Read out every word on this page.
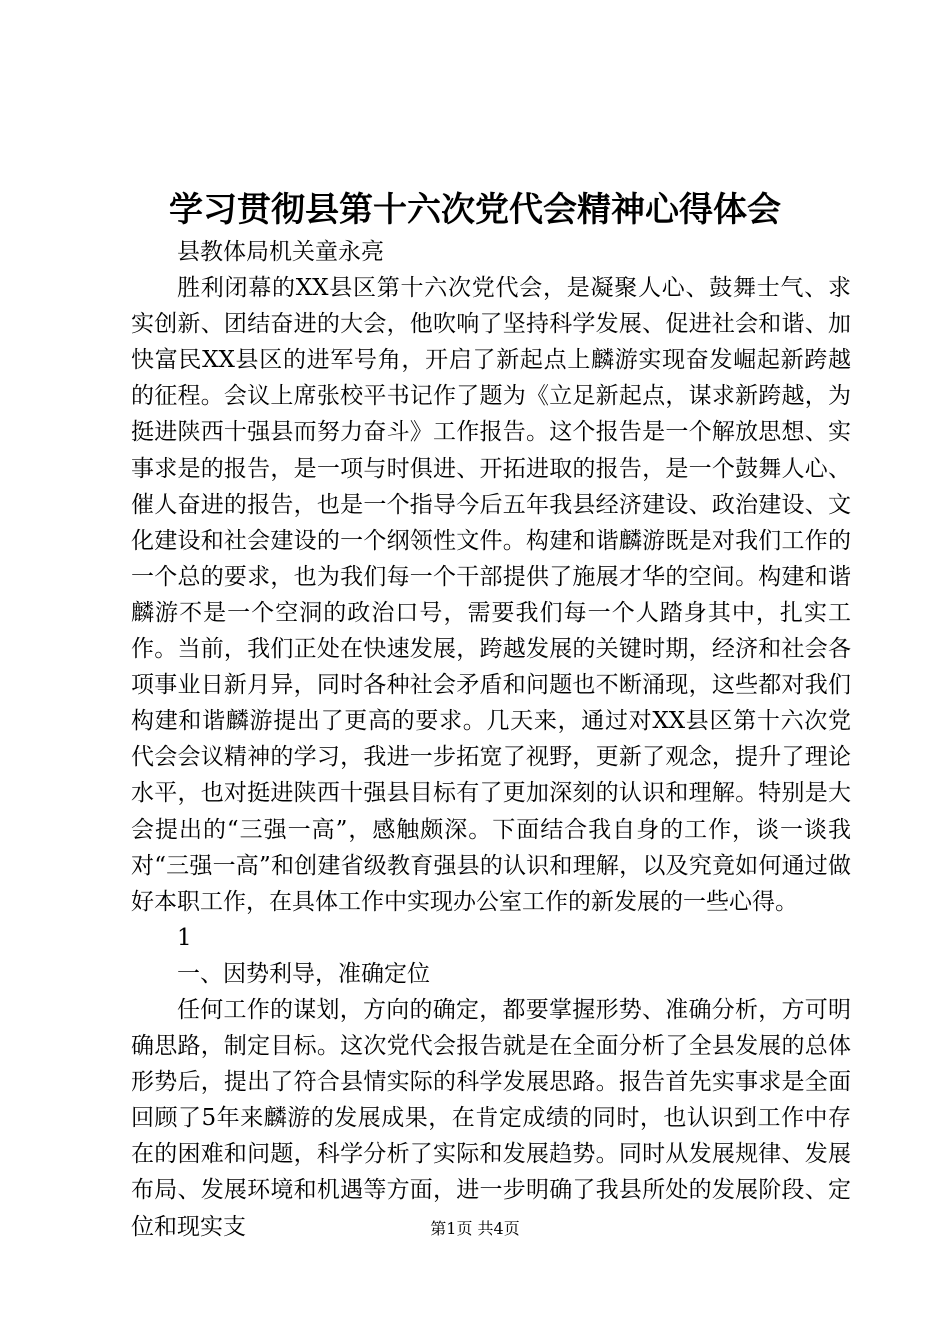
学习贯彻县第十六次党代会精神心得体会

县教体局机关童永亮

胜利闭幕的XX县区第十六次党代会，是凝聚人心、鼓舞士气、求实创新、团结奋进的大会，他吹响了坚持科学发展、促进社会和谐、加快富民XX县区的进军号角，开启了新起点上麟游实现奋发崛起新跨越的征程。会议上席张校平书记作了题为《立足新起点，谋求新跨越，为挺进陕西十强县而努力奋斗》工作报告。这个报告是一个解放思想、实事求是的报告，是一项与时俱进、开拓进取的报告，是一个鼓舞人心、催人奋进的报告，也是一个指导今后五年我县经济建设、政治建设、文化建设和社会建设的一个纲领性文件。构建和谐麟游既是对我们工作的一个总的要求，也为我们每一个干部提供了施展才华的空间。构建和谐麟游不是一个空洞的政治口号，需要我们每一个人踏身其中，扎实工作。当前，我们正处在快速发展，跨越发展的关键时期，经济和社会各项事业日新月异，同时各种社会矛盾和问题也不断涌现，这些都对我们构建和谐麟游提出了更高的要求。几天来，通过对XX县区第十六次党代会会议精神的学习，我进一步拓宽了视野，更新了观念，提升了理论水平，也对挺进陕西十强县目标有了更加深刻的认识和理解。特别是大会提出的“三强一高”，感触颇深。下面结合我自身的工作，谈一谈我对“三强一高”和创建省级教育强县的认识和理解，以及究竟如何通过做好本职工作，在具体工作中实现办公室工作的新发展的一些心得。

1

一、因势利导，准确定位

任何工作的谋划，方向的确定，都要掌握形势、准确分析，方可明确思路，制定目标。这次党代会报告就是在全面分析了全县发展的总体形势后，提出了符合县情实际的科学发展思路。报告首先实事求是全面回顾了5年来麟游的发展成果，在肯定成绩的同时，也认识到工作中存在的困难和问题，科学分析了实际和发展趋势。同时从发展规律、发展布局、发展环境和机遇等方面，进一步明确了我县所处的发展阶段、定位和现实支	第1页 共4页
